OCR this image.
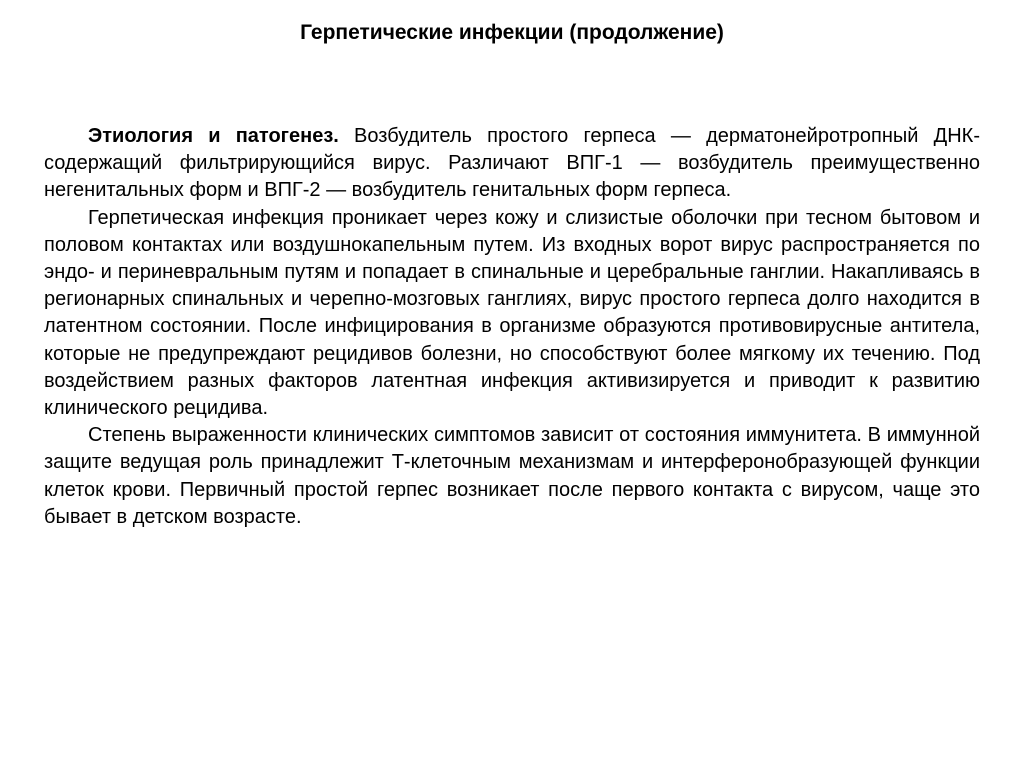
Герпетические инфекции (продолжение)

Этиология и патогенез. Возбудитель простого герпеса — дерматонейротропный ДНК-содержащий фильтрирующийся вирус. Различают ВПГ-1 — возбудитель преимущественно негенитальных форм и ВПГ-2 — возбудитель генитальных форм герпеса.

Герпетическая инфекция проникает через кожу и слизистые оболочки при тесном бытовом и половом контактах или воздушнокапельным путем. Из входных ворот вирус распространяется по эндо- и периневральным путям и попадает в спинальные и церебральные ганглии. Накапливаясь в регионарных спинальных и черепно-мозговых ганглиях, вирус простого герпеса долго находится в латентном состоянии. После инфицирования в организме образуются противовирусные антитела, которые не предупреждают рецидивов болезни, но способствуют более мягкому их течению. Под воздействием разных факторов латентная инфекция активизируется и приводит к развитию клинического рецидива.

Степень выраженности клинических симптомов зависит от состояния иммунитета. В иммунной защите ведущая роль принадлежит Т-клеточным механизмам и интерферонобразующей функции клеток крови. Первичный простой герпес возникает после первого контакта с вирусом, чаще это бывает в детском возрасте.
